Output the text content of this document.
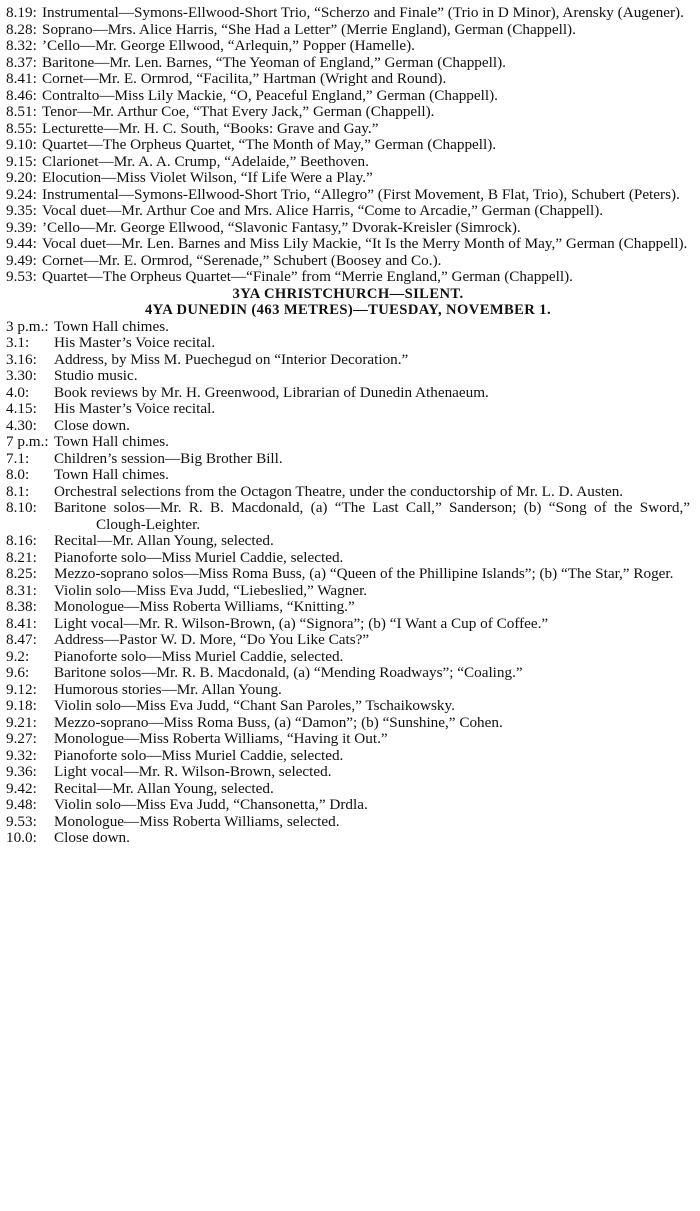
8.19: Instrumental—Symons-Ellwood-Short Trio, “Scherzo and Finale” (Trio in D Minor), Arensky (Augener).
8.28: Soprano—Mrs. Alice Harris, “She Had a Letter” (Merrie England), German (Chappell).
8.32: ’Cello—Mr. George Ellwood, “Arlequin,” Popper (Hamelle).
8.37: Baritone—Mr. Len. Barnes, “The Yeoman of England,” German (Chappell).
8.41: Cornet—Mr. E. Ormrod, “Facilita,” Hartman (Wright and Round).
8.46: Contralto—Miss Lily Mackie, “O, Peaceful England,” German (Chappell).
8.51: Tenor—Mr. Arthur Coe, “That Every Jack,” German (Chappell).
8.55: Lecturette—Mr. H. C. South, “Books: Grave and Gay.”
9.10: Quartet—The Orpheus Quartet, “The Month of May,” German (Chappell).
9.15: Clarionet—Mr. A. A. Crump, “Adelaide,” Beethoven.
9.20: Elocution—Miss Violet Wilson, “If Life Were a Play.”
9.24: Instrumental—Symons-Ellwood-Short Trio, “Allegro” (First Movement, B Flat, Trio), Schubert (Peters).
9.35: Vocal duet—Mr. Arthur Coe and Mrs. Alice Harris, “Come to Arcadie,” German (Chappell).
9.39: ’Cello—Mr. George Ellwood, “Slavonic Fantasy,” Dvorak-Kreisler (Simrock).
9.44: Vocal duet—Mr. Len. Barnes and Miss Lily Mackie, “It Is the Merry Month of May,” German (Chappell).
9.49: Cornet—Mr. E. Ormrod, “Serenade,” Schubert (Boosey and Co.).
9.53: Quartet—The Orpheus Quartet—“Finale” from “Merrie England,” German (Chappell).
3YA CHRISTCHURCH—SILENT.
4YA DUNEDIN (463 METRES)—TUESDAY, NOVEMBER 1.
3 p.m.: Town Hall chimes.
3.1:	His Master’s Voice recital.
3.16:	Address, by Miss M. Puechegud on “Interior Decoration.”
3.30:	Studio music.
4.0:	Book reviews by Mr. H. Greenwood, Librarian of Dunedin Athenaeum.
4.15:	His Master’s Voice recital.
4.30:	Close down.
7 p.m.: Town Hall chimes.
7.1:	Children’s session—Big Brother Bill.
8.0:	Town Hall chimes.
8.1:	Orchestral selections from the Octagon Theatre, under the conductorship of Mr. L. D. Austen.
8.10:	Baritone solos—Mr. R. B. Macdonald, (a) “The Last Call,” Sanderson; (b) “Song of the Sword,” Clough-Leighter.
8.16:	Recital—Mr. Allan Young, selected.
8.21:	Pianoforte solo—Miss Muriel Caddie, selected.
8.25:	Mezzo-soprano solos—Miss Roma Buss, (a) “Queen of the Phillipine Islands”; (b) “The Star,” Roger.
8.31:	Violin solo—Miss Eva Judd, “Liebeslied,” Wagner.
8.38:	Monologue—Miss Roberta Williams, “Knitting.”
8.41:	Light vocal—Mr. R. Wilson-Brown, (a) “Signora”; (b) “I Want a Cup of Coffee.”
8.47:	Address—Pastor W. D. More, “Do You Like Cats?”
9.2:	Pianoforte solo—Miss Muriel Caddie, selected.
9.6:	Baritone solos—Mr. R. B. Macdonald, (a) “Mending Roadways”; “Coaling.”
9.12:	Humorous stories—Mr. Allan Young.
9.18:	Violin solo—Miss Eva Judd, “Chant San Paroles,” Tschaikowsky.
9.21:	Mezzo-soprano—Miss Roma Buss, (a) “Damon”; (b) “Sunshine,” Cohen.
9.27:	Monologue—Miss Roberta Williams, “Having it Out.”
9.32:	Pianoforte solo—Miss Muriel Caddie, selected.
9.36:	Light vocal—Mr. R. Wilson-Brown, selected.
9.42:	Recital—Mr. Allan Young, selected.
9.48:	Violin solo—Miss Eva Judd, “Chansonetta,” Drdla.
9.53:	Monologue—Miss Roberta Williams, selected.
10.0:	Close down.
